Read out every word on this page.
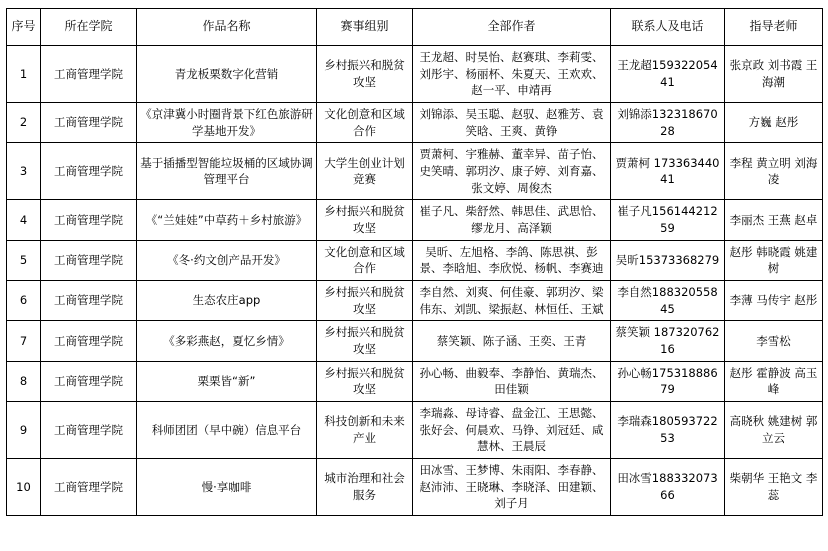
序号	所在学院	作品名称	赛事组别	全部作者	联系人及电话	指导老师
1	工商管理学院	青龙板栗数字化营销	乡村振兴和脱贫攻坚	王龙超、时昊怡、赵赛琪、李莉雯、刘彤宇、杨丽杯、朱夏天、王欢欢、赵一平、申靖再	王龙超15932205441	张京政 刘书霞 王海潮
2	工商管理学院	《京津冀小时圈背景下红色旅游研学基地开发》	文化创意和区域合作	刘锦添、吴玉聪、赵驭、赵雅芳、袁笑晗、王爽、黄铮	刘锦添13231867028	方巍 赵彤
3	工商管理学院	基于插播型智能垃圾桶的区域协调管理平台	大学生创业计划竞赛	贾萧柯、宇雅赫、董幸异、苗子怡、史笑晴、郭玥汐、康子婷、刘育嘉、张文婷、周俊杰	贾萧柯 17336344041	李程 黄立明 刘海凌
4	工商管理学院	《“兰娃娃”中草药＋乡村旅游》	乡村振兴和脱贫攻坚	崔子凡、柴舒然、韩思佳、武思恰、缪龙月、高泽颖	崔子凡15614421259	李丽杰 王燕 赵卓
5	工商管理学院	《冬·约文创产品开发》	文化创意和区域合作	吴昕、左旭格、李鸽、陈思祺、彭景、李晗旭、李欣悦、杨帆、李赛迪	吴昕15373368279	赵彤 韩晓霞 姚建树
6	工商管理学院	生态农庄app	乡村振兴和脱贫攻坚	李自然、刘爽、何佳豪、郭玥汐、梁伟东、刘凯、梁振赵、林恒任、王斌	李自然18832055845	李薄 马传宇 赵彤
7	工商管理学院	《多彩燕赵，夏忆乡情》	乡村振兴和脱贫攻坚	蔡笑颖、陈子涵、王奕、王青	蔡笑颖 18732076216	李雪松
8	工商管理学院	栗栗皆“新”	乡村振兴和脱贫攻坚	孙心畅、曲毅奉、李静怡、黄瑞杰、田佳颖	孙心畅17531888679	赵彤 霍静波 高玉峰
9	工商管理学院	科师团团（早中碗）信息平台	科技创新和未来产业	李瑞淼、母诗睿、盘金江、王思懿、张好会、何晨欢、马铮、刘冠廷、咸慧林、王晨辰	李瑞森18059372253	高晓秋 姚建树 郭立云
10	工商管理学院	慢·享咖啡	城市治理和社会服务	田冰雪、王梦博、朱雨阳、李春静、赵沛沛、王晓琳、李晓泽、田建颖、刘子月	田冰雪18833207366	柴朝华 王艳文 李蕊
